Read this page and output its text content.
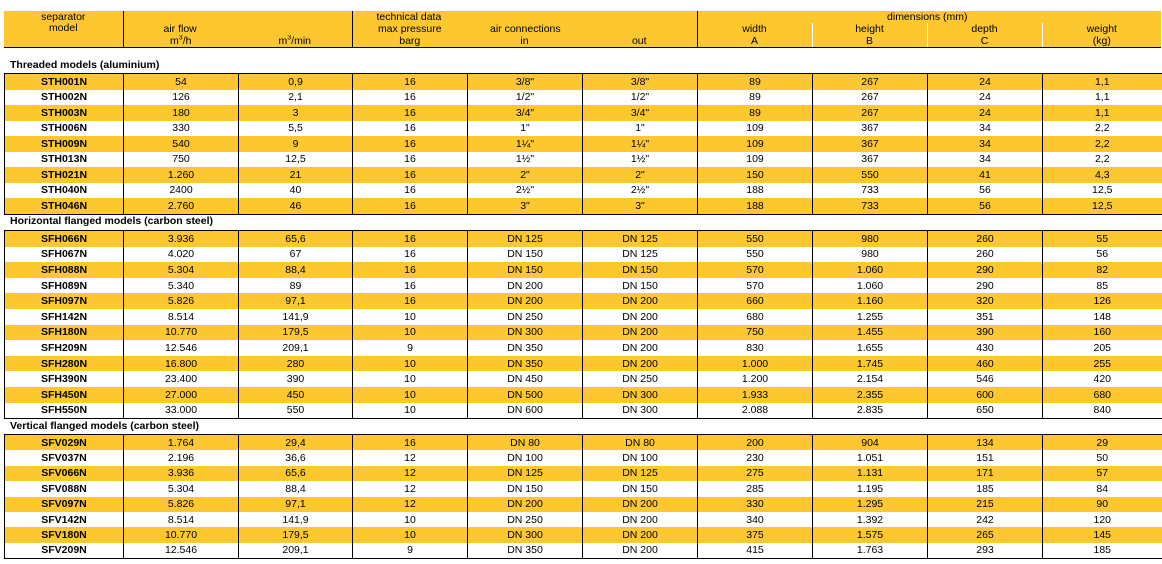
separator
model			technical data				dimensions (mm)		
	air flow		max pressure	air connections		width	height	depth	weight
	$m^3/h$	$m^3/\min$	barg	in	out	A	B	C	(kg)
Threaded models (aluminium)
Horizontal flanged models (carbon steel)
Vertical flanged models (carbon steel)
STH001N	54	0,9	16	3/8"	3/8"	89	267	24	1,1
STH002N	126	2,1	16	1/2"	1/2"	89	267	24	1,1
STH003N	180	3	16	3/4"	3/4"	89	267	24	1,1
STH006N	330	5,5	16	1"	1"	109	367	34	2,2
STH009N	540	9	16	1¼"	1¼"	109	367	34	2,2
STH013N	750	12,5	16	1½"	1½"	109	367	34	2,2
STH021N	1.260	21	16	2"	2"	150	550	41	4,3
STH040N	2400	40	16	2½"	2½"	188	733	56	12,5
STH046N	2.760	46	16	3"	3"	188	733	56	12,5
SFH066N	3.936	65,6	16	DN 125	DN 125	550	980	260	55
SFH067N	4.020	67	16	DN 150	DN 125	550	980	260	56
SFH088N	5.304	88,4	16	DN 150	DN 150	570	1.060	290	82
SFH089N	5.340	89	16	DN 200	DN 150	570	1.060	290	85
SFH097N	5.826	97,1	16	DN 200	DN 200	660	1.160	320	126
SFH142N	8.514	141,9	10	DN 250	DN 200	680	1.255	351	148
SFH180N	10.770	179,5	10	DN 300	DN 200	750	1.455	390	160
SFH209N	12.546	209,1	9	DN 350	DN 200	830	1.655	430	205
SFH280N	16.800	280	10	DN 350	DN 200	1.000	1.745	460	255
SFH390N	23.400	390	10	DN 450	DN 250	1.200	2.154	546	420
SFH450N	27.000	450	10	DN 500	DN 300	1.933	2.355	600	680
SFH550N	33.000	550	10	DN 600	DN 300	2.088	2.835	650	840
SFV029N	1.764	29,4	16	DN 80	DN 80	200	904	134	29
SFV037N	2.196	36,6	12	DN 100	DN 100	230	1.051	151	50
SFV066N	3.936	65,6	12	DN 125	DN 125	275	1.131	171	57
SFV088N	5.304	88,4	12	DN 150	DN 150	285	1.195	185	84
SFV097N	5.826	97,1	12	DN 200	DN 200	330	1.295	215	90
SFV142N	8.514	141,9	10	DN 250	DN 200	340	1.392	242	120
SFV180N	10.770	179,5	10	DN 300	DN 200	375	1.575	265	145
SFV209N	12.546	209,1	9	DN 350	DN 200	415	1.763	293	185
